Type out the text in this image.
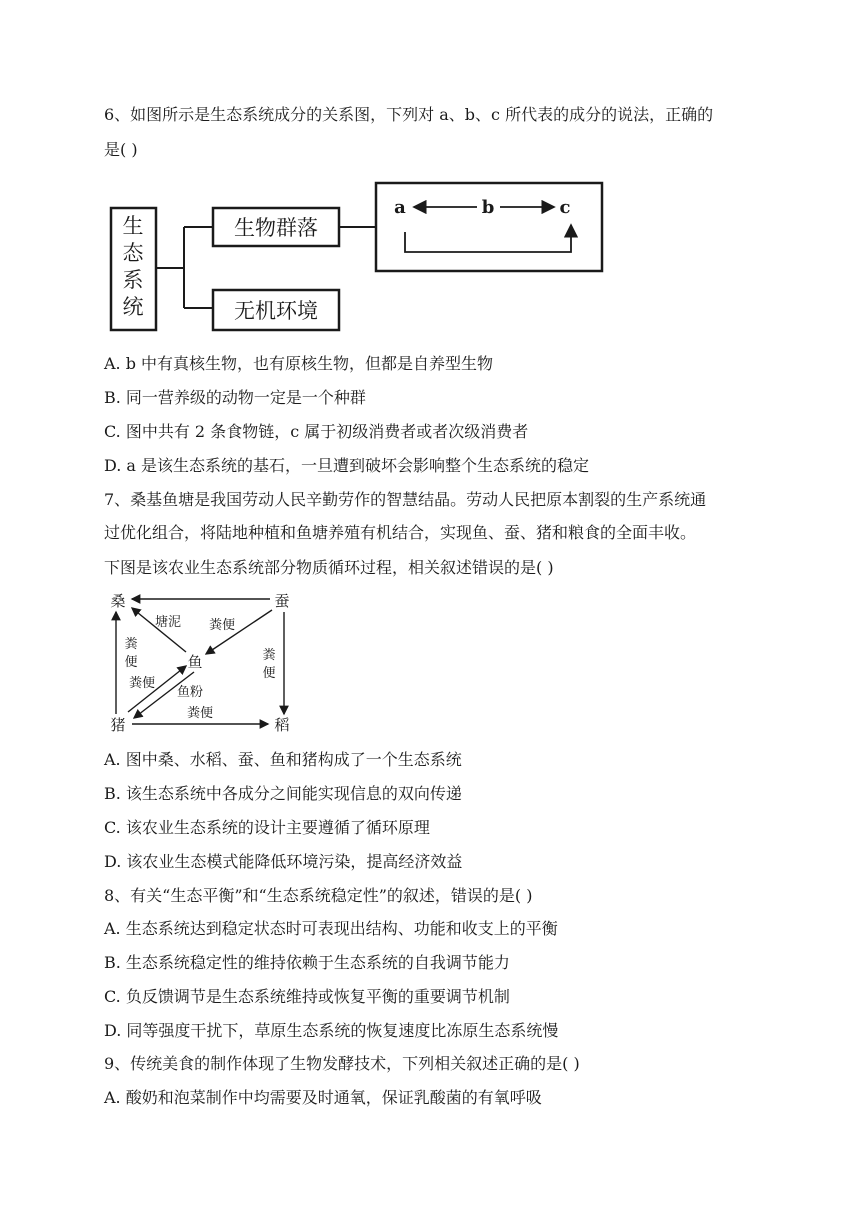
6、如图所示是生态系统成分的关系图，下列对 a、b、c 所代表的成分的说法，正确的
是( )
生
态
系
统
生物群落
无机环境
a	b	c
A. b 中有真核生物，也有原核生物，但都是自养型生物
B. 同一营养级的动物一定是一个种群
C. 图中共有 2 条食物链，c 属于初级消费者或者次级消费者
D. a 是该生态系统的基石，一旦遭到破坏会影响整个生态系统的稳定
7、桑基鱼塘是我国劳动人民辛勤劳作的智慧结晶。劳动人民把原本割裂的生产系统通
过优化组合，将陆地种植和鱼塘养殖有机结合，实现鱼、蚕、猪和粮食的全面丰收。
下图是该农业生态系统部分物质循环过程，相关叙述错误的是( )
桑	蚕
鱼
猪	稻
塘泥 粪便
粪
便
粪便
鱼粉
粪
便
粪便
A. 图中桑、水稻、蚕、鱼和猪构成了一个生态系统
B. 该生态系统中各成分之间能实现信息的双向传递
C. 该农业生态系统的设计主要遵循了循环原理
D. 该农业生态模式能降低环境污染，提高经济效益
8、有关“生态平衡”和“生态系统稳定性”的叙述，错误的是( )
A. 生态系统达到稳定状态时可表现出结构、功能和收支上的平衡
B. 生态系统稳定性的维持依赖于生态系统的自我调节能力
C. 负反馈调节是生态系统维持或恢复平衡的重要调节机制
D. 同等强度干扰下，草原生态系统的恢复速度比冻原生态系统慢
9、传统美食的制作体现了生物发酵技术，下列相关叙述正确的是( )
A. 酸奶和泡菜制作中均需要及时通氧，保证乳酸菌的有氧呼吸
